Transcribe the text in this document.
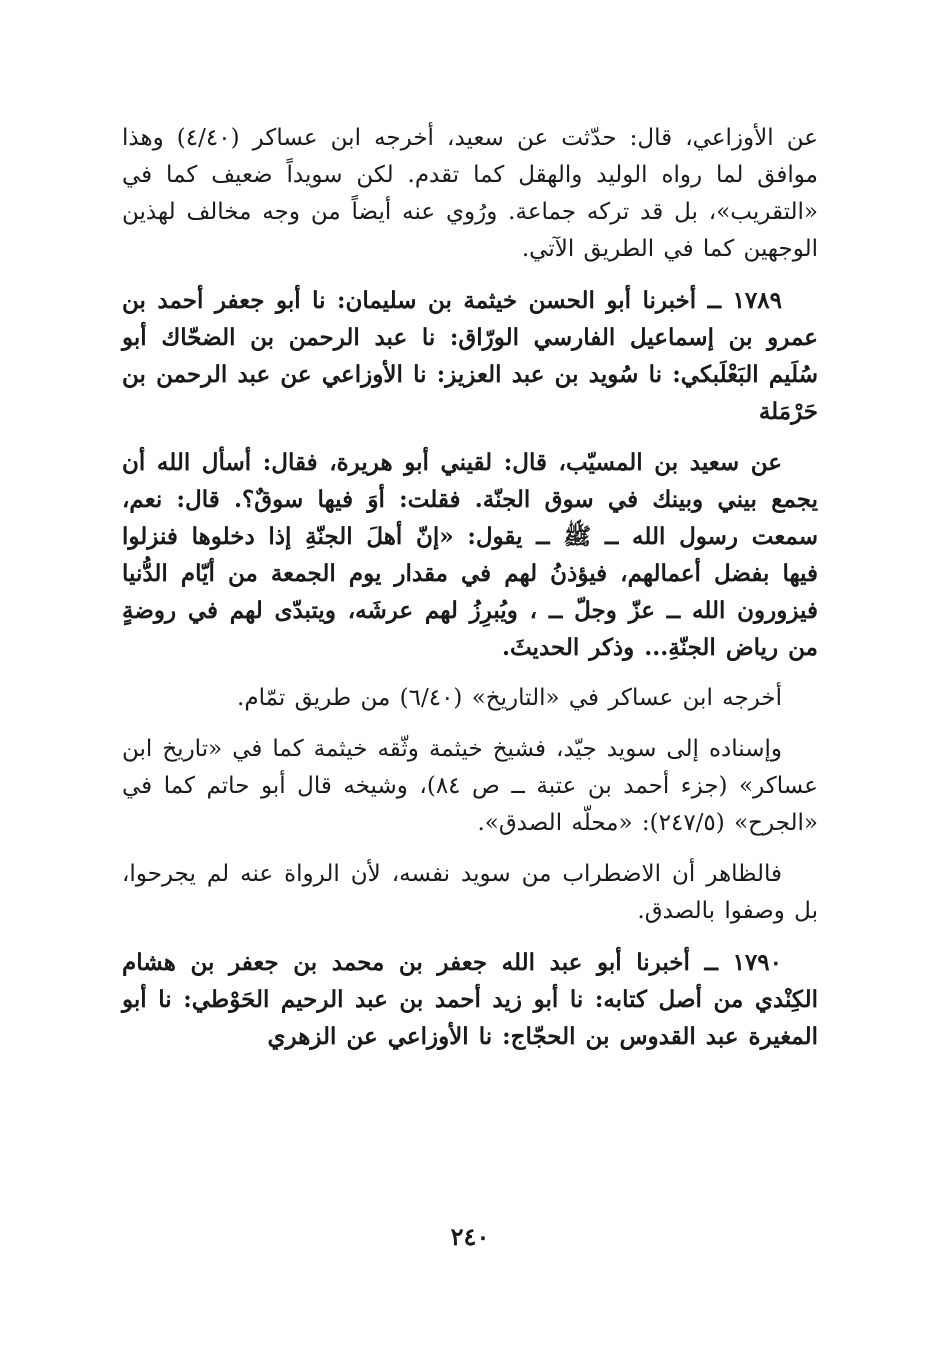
عن الأوزاعي، قال: حدّثت عن سعيد، أخرجه ابن عساكر (٤/٤٠) وهذا موافق لما رواه الوليد والهقل كما تقدم. لكن سويداً ضعيف كما في «التقريب»، بل قد تركه جماعة. ورُوي عنه أيضاً من وجه مخالف لهذين الوجهين كما في الطريق الآتي.

١٧٨٩ ــ أخبرنا أبو الحسن خيثمة بن سليمان: نا أبو جعفر أحمد بن عمرو بن إسماعيل الفارسي الورّاق: نا عبد الرحمن بن الضحّاك أبو سُلَيم البَعْلَبكي: نا سُويد بن عبد العزيز: نا الأوزاعي عن عبد الرحمن بن حَرْمَلة

عن سعيد بن المسيّب، قال: لقيني أبو هريرة، فقال: أسأل الله أن يجمع بيني وبينك في سوق الجنّة. فقلت: أوَ فيها سوقٌ؟. قال: نعم، سمعت رسول الله ــ ﷺ ــ يقول: «إنّ أهلَ الجنّةِ إذا دخلوها فنزلوا فيها بفضل أعمالهم، فيؤذنُ لهم في مقدار يوم الجمعة من أيّام الدُّنيا فيزورون الله ــ عزّ وجلّ ــ ، ويُبرِزُ لهم عرشَه، ويتبدّى لهم في روضةٍ من رياض الجنّةِ... وذكر الحديثَ.

أخرجه ابن عساكر في «التاريخ» (٦/٤٠) من طريق تمّام.

وإسناده إلى سويد جيّد، فشيخ خيثمة وثّقه خيثمة كما في «تاريخ ابن عساكر» (جزء أحمد بن عتبة ــ ص ٨٤)، وشيخه قال أبو حاتم كما في «الجرح» (٢٤٧/٥): «محلّه الصدق».

فالظاهر أن الاضطراب من سويد نفسه، لأن الرواة عنه لم يجرحوا، بل وصفوا بالصدق.

١٧٩٠ ــ أخبرنا أبو عبد الله جعفر بن محمد بن جعفر بن هشام الكِنْدي من أصل كتابه: نا أبو زيد أحمد بن عبد الرحيم الحَوْطي: نا أبو المغيرة عبد القدوس بن الحجّاج: نا الأوزاعي عن الزهري

٢٤٠
